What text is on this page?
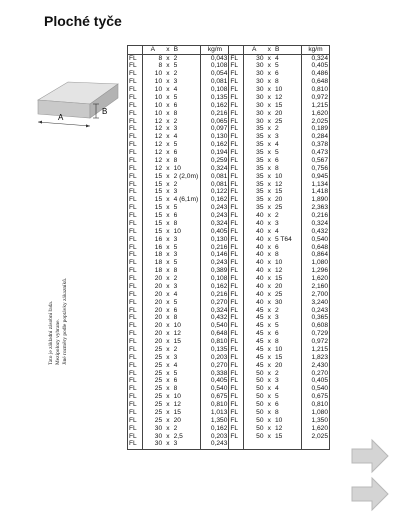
Ploché tyče
B
A
Tato je základní zásobní řada. Mezipolozy vybrane. Jiné rozměry podle poptávky zákazníků.
	A	x	B	kg/m		A	x	B	kg/m
FL	8	x	2	0,043	FL	30	x	4	0,324
FL	8	x	5	0,108	FL	30	x	5	0,405
FL	10	x	2	0,054	FL	30	x	6	0,486
FL	10	x	3	0,081	FL	30	x	8	0,648
FL	10	x	4	0,108	FL	30	x	10	0,810
FL	10	x	5	0,135	FL	30	x	12	0,972
FL	10	x	6	0,162	FL	30	x	15	1,215
FL	10	x	8	0,216	FL	30	x	20	1,620
FL	12	x	2	0,065	FL	30	x	25	2,025
FL	12	x	3	0,097	FL	35	x	2	0,189
FL	12	x	4	0,130	FL	35	x	3	0,284
FL	12	x	5	0,162	FL	35	x	4	0,378
FL	12	x	6	0,194	FL	35	x	5	0,473
FL	12	x	8	0,259	FL	35	x	6	0,567
FL	12	x	10	0,324	FL	35	x	8	0,756
FL	15	x	2 (2,0m)	0,081	FL	35	x	10	0,945
FL	15	x	2	0,081	FL	35	x	12	1,134
FL	15	x	3	0,122	FL	35	x	15	1,418
FL	15	x	4 (6,1m)	0,162	FL	35	x	20	1,890
FL	15	x	5	0,243	FL	35	x	25	2,363
FL	15	x	6	0,243	FL	40	x	2	0,216
FL	15	x	8	0,324	FL	40	x	3	0,324
FL	15	x	10	0,405	FL	40	x	4	0,432
FL	16	x	3	0,130	FL	40	x	5 T64	0,540
FL	16	x	5	0,216	FL	40	x	6	0,648
FL	18	x	3	0,146	FL	40	x	8	0,864
FL	18	x	5	0,243	FL	40	x	10	1,080
FL	18	x	8	0,389	FL	40	x	12	1,296
FL	20	x	2	0,108	FL	40	x	15	1,620
FL	20	x	3	0,162	FL	40	x	20	2,160
FL	20	x	4	0,216	FL	40	x	25	2,700
FL	20	x	5	0,270	FL	40	x	30	3,240
FL	20	x	6	0,324	FL	45	x	2	0,243
FL	20	x	8	0,432	FL	45	x	3	0,365
FL	20	x	10	0,540	FL	45	x	5	0,608
FL	20	x	12	0,648	FL	45	x	6	0,729
FL	20	x	15	0,810	FL	45	x	8	0,972
FL	25	x	2	0,135	FL	45	x	10	1,215
FL	25	x	3	0,203	FL	45	x	15	1,823
FL	25	x	4	0,270	FL	45	x	20	2,430
FL	25	x	5	0,338	FL	50	x	2	0,270
FL	25	x	6	0,405	FL	50	x	3	0,405
FL	25	x	8	0,540	FL	50	x	4	0,540
FL	25	x	10	0,675	FL	50	x	5	0,675
FL	25	x	12	0,810	FL	50	x	6	0,810
FL	25	x	15	1,013	FL	50	x	8	1,080
FL	25	x	20	1,350	FL	50	x	10	1,350
FL	30	x	2	0,162	FL	50	x	12	1,620
FL	30	x	2,5	0,203	FL	50	x	15	2,025
FL	30	x	3	0,243					
